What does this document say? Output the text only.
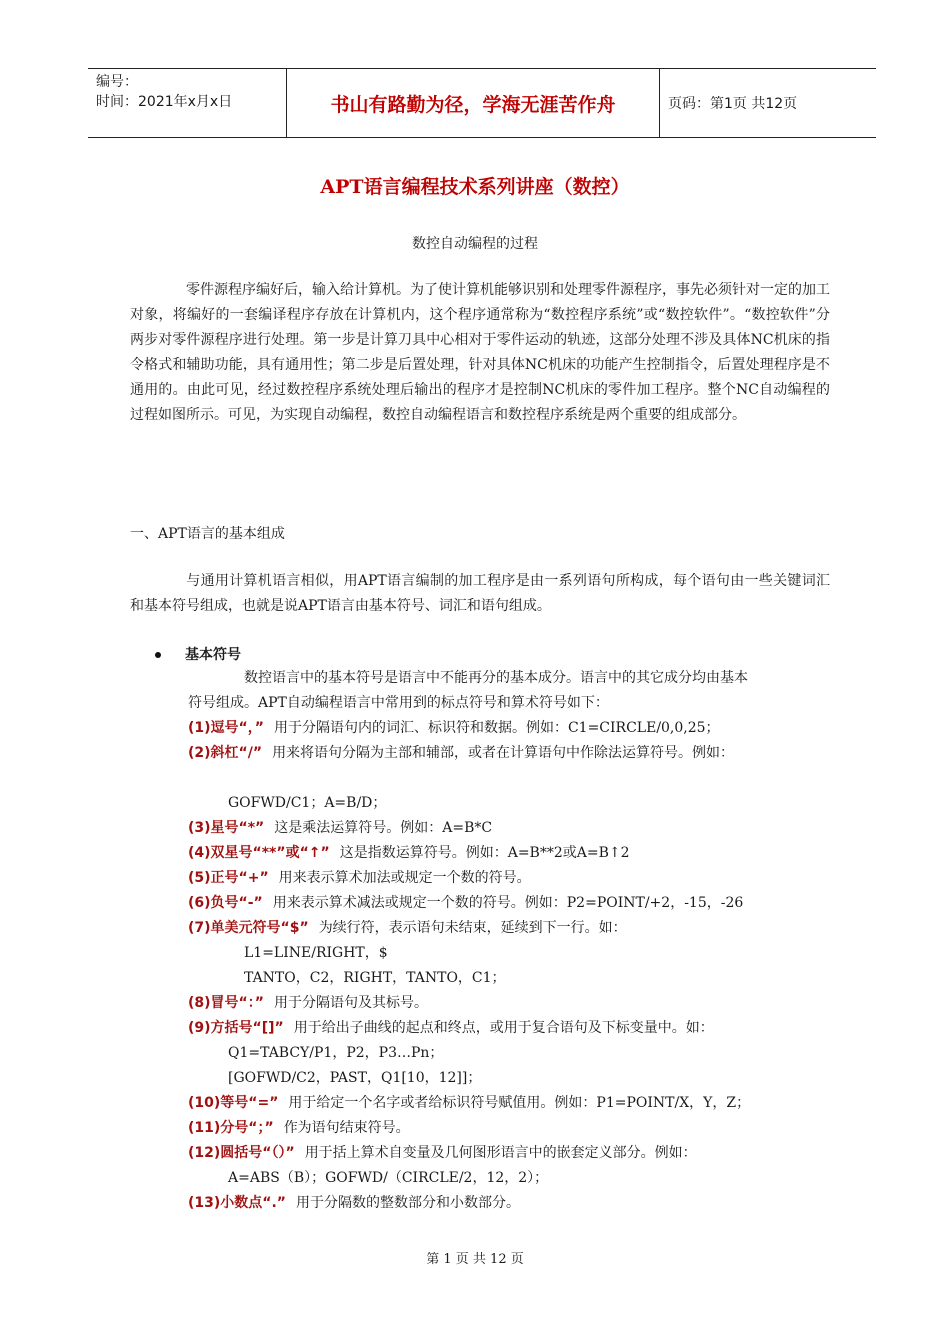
编号：
时间：2021年x月x日	书山有路勤为径，学海无涯苦作舟	页码：第1页 共12页
APT语言编程技术系列讲座（数控）
数控自动编程的过程

零件源程序编好后，输入给计算机。为了使计算机能够识别和处理零件源程序，事先必须针对一定的加工对象，将编好的一套编译程序存放在计算机内，这个程序通常称为“数控程序系统”或“数控软件”。“数控软件”分两步对零件源程序进行处理。第一步是计算刀具中心相对于零件运动的轨迹，这部分处理不涉及具体NC机床的指令格式和辅助功能，具有通用性；第二步是后置处理，针对具体NC机床的功能产生控制指令，后置处理程序是不通用的。由此可见，经过数控程序系统处理后输出的程序才是控制NC机床的零件加工程序。整个NC自动编程的过程如图所示。可见，为实现自动编程，数控自动编程语言和数控程序系统是两个重要的组成部分。

一、APT语言的基本组成

与通用计算机语言相似，用APT语言编制的加工程序是由一系列语句所构成，每个语句由一些关键词汇和基本符号组成，也就是说APT语言由基本符号、词汇和语句组成。

基本符号
数控语言中的基本符号是语言中不能再分的基本成分。语言中的其它成分均由基本
符号组成。APT自动编程语言中常用到的标点符号和算术符号如下：
(1)逗号“，” 用于分隔语句内的词汇、标识符和数据。例如：C1=CIRCLE/0,0,25；
(2)斜杠“/” 用来将语句分隔为主部和辅部，或者在计算语句中作除法运算符号。例如：
GOFWD/C1；A=B/D；
(3)星号“*” 这是乘法运算符号。例如：A=B*C
(4)双星号“**”或“↑” 这是指数运算符号。例如：A=B**2或A=B↑2
(5)正号“+” 用来表示算术加法或规定一个数的符号。
(6)负号“-” 用来表示算术减法或规定一个数的符号。例如：P2=POINT/+2，-15，-26
(7)单美元符号“$” 为续行符，表示语句未结束，延续到下一行。如：
L1=LINE/RIGHT，$
TANTO，C2，RIGHT，TANTO，C1；
(8)冒号“：” 用于分隔语句及其标号。
(9)方括号“[]” 用于给出子曲线的起点和终点，或用于复合语句及下标变量中。如：
Q1=TABCY/P1，P2，P3…Pn；
[GOFWD/C2，PAST，Q1[10，12]]；
(10)等号“=” 用于给定一个名字或者给标识符号赋值用。例如：P1=POINT/X，Y，Z；
(11)分号“；” 作为语句结束符号。
(12)圆括号“（）” 用于括上算术自变量及几何图形语言中的嵌套定义部分。例如：
A=ABS（B）；GOFWD/（CIRCLE/2，12，2）；
(13)小数点“.” 用于分隔数的整数部分和小数部分。
第 1 页 共 12 页
